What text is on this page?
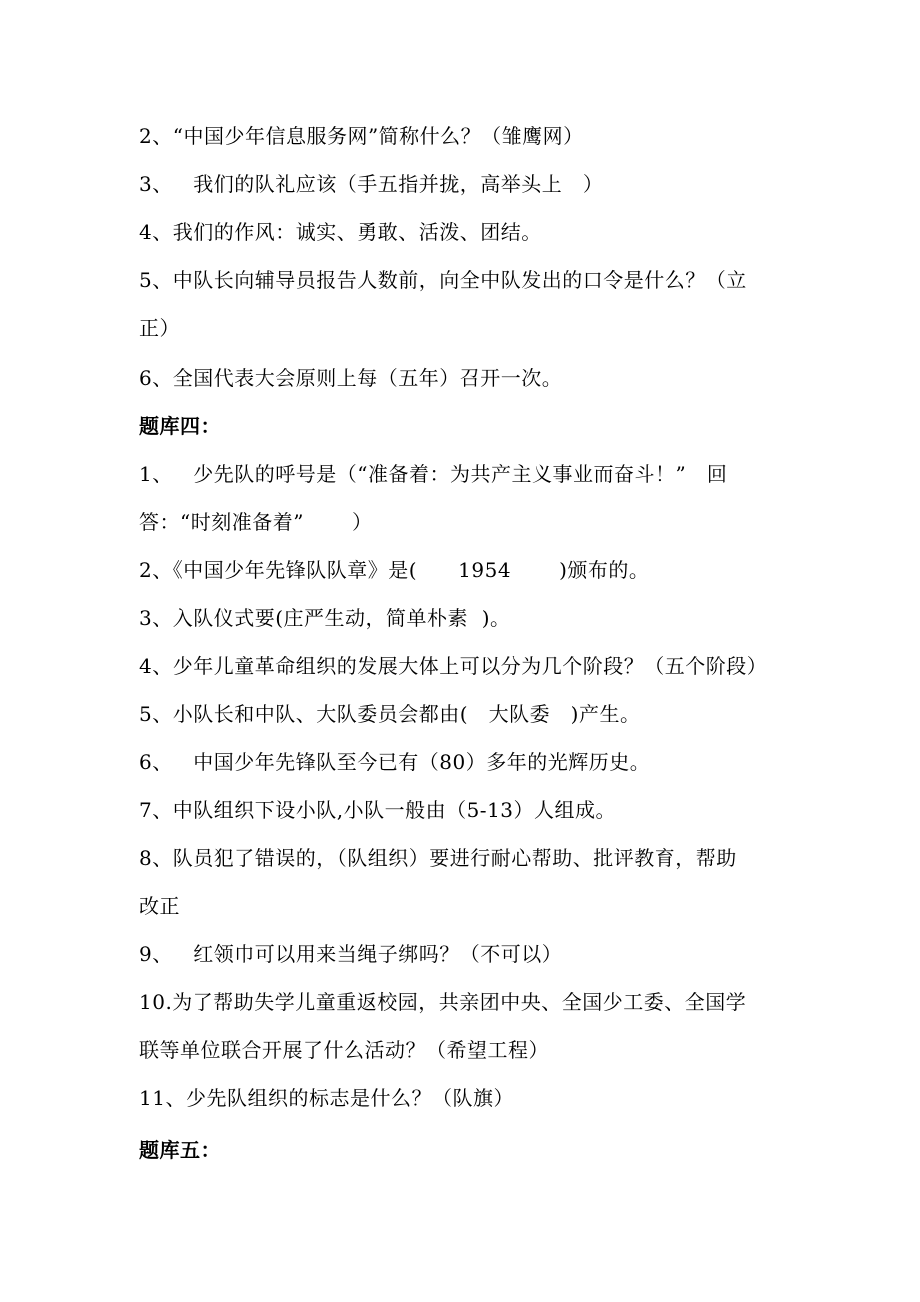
2、“中国少年信息服务网”简称什么？（雏鹰网）
3、   我们的队礼应该（手五指并拢，高举头上   ）
4、我们的作风：诚实、勇敢、活泼、团结。
5、中队长向辅导员报告人数前，向全中队发出的口令是什么？（立
正）
6、全国代表大会原则上每（五年）召开一次。
题库四：
1、   少先队的呼号是（“准备着：为共产主义事业而奋斗！”   回
答：“时刻准备着”       ）
2、《中国少年先锋队队章》是(      1954       )颁布的。
3、入队仪式要(庄严生动，简单朴素  )。
4、少年儿童革命组织的发展大体上可以分为几个阶段？（五个阶段）
5、小队长和中队、大队委员会都由(   大队委   )产生。
6、   中国少年先锋队至今已有（80）多年的光辉历史。
7、中队组织下设小队,小队一般由（5-13）人组成。
8、队员犯了错误的，（队组织）要进行耐心帮助、批评教育，帮助
改正
9、   红领巾可以用来当绳子绑吗？（不可以）
10.为了帮助失学儿童重返校园，共亲团中央、全国少工委、全国学
联等单位联合开展了什么活动？（希望工程）
11、少先队组织的标志是什么？（队旗）
题库五：
